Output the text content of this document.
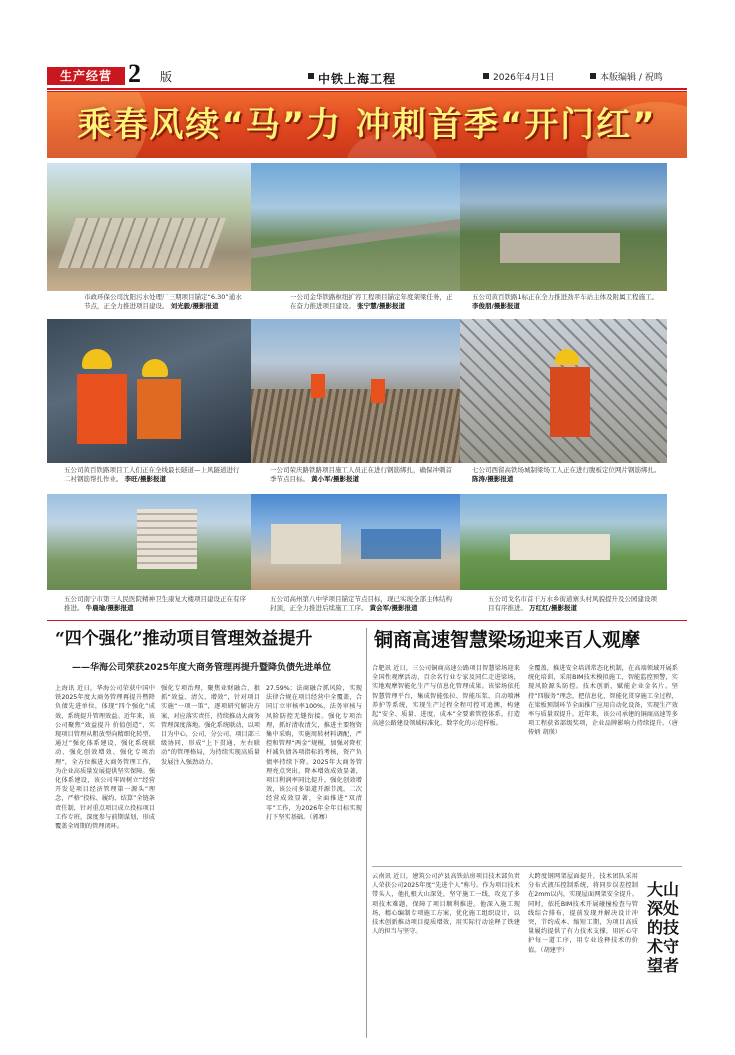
生产经营 2 版	中铁上海工程	2026年4月1日	本版编辑 / 祝鸣
乘春风续“马”力 冲刺首季“开门红”
市政环保公司沈阳污水处理厂三期项目锚定“6.30”通水节点，正全力推进项目建设。 刘光毅/摄影报道
一公司金华铁路枢纽扩容工程项目锚定年度架梁任务，正在奋力推进项目建设。 张宁慧/摄影报道
五公司黄百铁路1标正在全力推进劲平车站主体及附属工程施工。 李俊朋/摄影报道
五公司黄百铁路项目工人们正在全线最长隧道—上风隧道进行二衬钢筋帮扎作业。 李旺/摄影报道
一公司荣庆路铁路项目施工人员正在进行钢筋绑扎，确保冲刺首季节点目标。 黄小军/摄影报道
七公司西留高铁场城制梁场工人正在进行腹板定位网片钢筋绑扎。 陈涛/摄影报道
五公司南宁市第三人民医院精神卫生康复大楼项目建设正在有序推进。 牛晨瑜/摄影报道
五公司高州第八中学项目锚定节点目标，现已实现全部主体结构封顶，正全力推进后续施工工序。 黄会军/摄影报道
五公司戈名市首干万水乡街道寨头村风貌提升及公园建设项目有序推进。 万红红/摄影报道
“四个强化”推动项目管理效益提升
——华海公司荣获2025年度大商务管理再提升暨降负债先进单位
上海讯 近日，华海公司荣获中国中铁2025年度大商务管理再提升暨降负债先进单位，体现“四个强化”成效，系统提升管理效益。近年来，该公司聚焦“效益提升 价值创造”，实现项目管理从粗放型向精细化转型，通过“强化体系建设、强化系统联动、强化创效增效、强化专项治理”，全方位推进大商务管理工作，为企业高质量发展提供坚实保障。强化体系建设，该公司牢固树立“经营开发是项目经济管理第一源头”理念，严格“投标、履约、结算”全链条责任制，针对重点项目成立投标项目工作专班，深度参与前期谋划，形成覆盖全周期的管理闭环。
强化专项治理，聚焦业财融合，狠抓“效益、清欠、增效”，针对项目实施“一项一策”，逐项研究解决方案，对应落实责任，持续推动大商务管理深度落地。强化系统联动，以项目为中心，公司、分公司、项目部三级协同，形成“上下贯通、左右联动”的管理格局，为持续实现高质量发展注入强劲动力。
27.59%；法商融合抓风险，实现法律合规在项目经营中全覆盖，合同订立审核率100%，法务审核与风险防控无缝衔接。强化专项治理，抓好清收清欠，推进主要物资集中采购，实施周转材料调配，严控和管理“两金”规模，加强对降杠杆减负债各项指标的考核，资产负债率持续下降。2025年大商务管理亮点突出，降本增效成效显著，项目利润率同比提升。强化创效增效，该公司多渠道开源节流，二次经营成效显著，全面推进“双清零”工作，为2026年全年目标实现打下坚实基础。（郭骞）
铜商高速智慧梁场迎来百人观摩
合肥讯 近日，三公司铜商高速公路项目智慧梁场迎来全国性观摩活动，百余名行业专家及同仁走进梁场，实地观摩智能化生产与信息化管理成果。该梁场依托智慧管理平台，集成智能张拉、智能压浆、自动喷淋养护等系统，实现生产过程全程可控可追溯，构建起“安全、质量、进度、成本”全要素管控体系，打造高速公路建设领域标准化、数字化的示范样板。
全覆盖，推进安全培训常态化机制，在高端领域开展系统化培训，采用BIM技术模拟施工，智能监控预警，实现风险源头防控。技术创新，赋能企业金名片。坚持“四服务”理念，把信息化、智能化贯穿施工全过程，在梁板预制环节全面推广应用自动化设备，实现生产效率与质量双提升。近年来，该公司承建的铜商高速等多项工程获省部级奖项，企业品牌影响力持续提升。（唐传炳 胡瑛）
云南讯 近日，建筑公司泸县高铁站房项目技术部负责人荣获公司2025年度“先进个人”称号。作为项目技术带头人，他扎根大山深处，坚守施工一线，攻克了多项技术难题，保障了项目顺利推进。他深入施工现场，精心编制专项施工方案，优化施工组织设计，以技术创新推动项目提质增效，用实际行动诠释了铁建人的担当与坚守。
大跨度钢网架屋面提升，技术团队采用分布式液压控制系统，将同步误差控制在2mm以内，实现屋面网架安全提升。同时，依托BIM技术开展碰撞检查与管线综合排布，提前发现并解决设计冲突，节约成本、缩短工期，为项目高质量履约提供了有力技术支撑，用匠心守护每一道工序，用专业诠释技术的价值。（胡建宇）
大山深处的技术守望者
